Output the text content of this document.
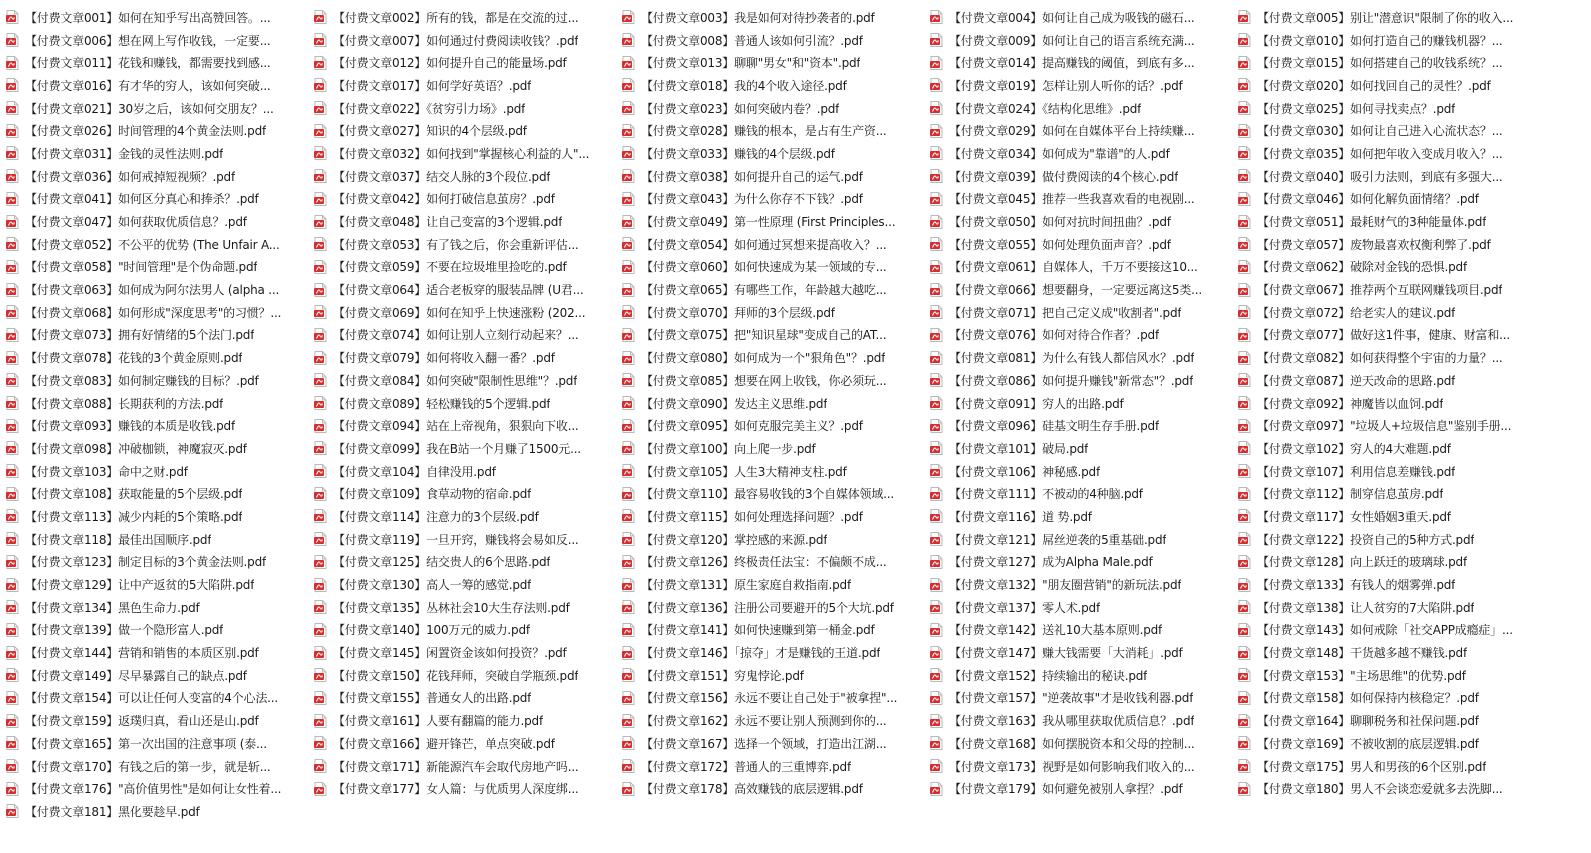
【付费文章001】如何在知乎写出高赞回答。...	【付费文章002】所有的钱，都是在交流的过...	【付费文章003】我是如何对待抄袭者的.pdf	【付费文章004】如何让自己成为吸钱的磁石...	【付费文章005】别让"潜意识"限制了你的收入...
【付费文章006】想在网上写作收钱，一定要...	【付费文章007】如何通过付费阅读收钱？.pdf	【付费文章008】普通人该如何引流？.pdf	【付费文章009】如何让自己的语言系统充满...	【付费文章010】如何打造自己的赚钱机器？...
【付费文章011】花钱和赚钱，都需要找到感...	【付费文章012】如何提升自己的能量场.pdf	【付费文章013】聊聊"男女"和"资本".pdf	【付费文章014】提高赚钱的阈值，到底有多...	【付费文章015】如何搭建自己的收钱系统？...
【付费文章016】有才华的穷人，该如何突破...	【付费文章017】如何学好英语？.pdf	【付费文章018】我的4个收入途径.pdf	【付费文章019】怎样让别人听你的话？.pdf	【付费文章020】如何找回自己的灵性？.pdf
【付费文章021】30岁之后，该如何交朋友？...	【付费文章022】《贫穷引力场》.pdf	【付费文章023】如何突破内卷？.pdf	【付费文章024】《结构化思维》.pdf	【付费文章025】如何寻找卖点？.pdf
【付费文章026】时间管理的4个黄金法则.pdf	【付费文章027】知识的4个层级.pdf	【付费文章028】赚钱的根本，是占有生产资...	【付费文章029】如何在自媒体平台上持续赚...	【付费文章030】如何让自己进入心流状态？...
【付费文章031】金钱的灵性法则.pdf	【付费文章032】如何找到"掌握核心利益的人"...	【付费文章033】赚钱的4个层级.pdf	【付费文章034】如何成为"靠谱"的人.pdf	【付费文章035】如何把年收入变成月收入？...
【付费文章036】如何戒掉短视频？.pdf	【付费文章037】结交人脉的3个段位.pdf	【付费文章038】如何提升自己的运气.pdf	【付费文章039】做付费阅读的4个核心.pdf	【付费文章040】吸引力法则，到底有多强大...
【付费文章041】如何区分真心和捧杀？.pdf	【付费文章042】如何打破信息茧房？.pdf	【付费文章043】为什么你存不下钱？.pdf	【付费文章045】推荐一些我喜欢看的电视剧...	【付费文章046】如何化解负面情绪？.pdf
【付费文章047】如何获取优质信息？.pdf	【付费文章048】让自己变富的3个逻辑.pdf	【付费文章049】第一性原理 (First Principles...	【付费文章050】如何对抗时间扭曲？.pdf	【付费文章051】最耗财气的3种能量体.pdf
【付费文章052】不公平的优势 (The Unfair A...	【付费文章053】有了钱之后，你会重新评估...	【付费文章054】如何通过冥想来提高收入？...	【付费文章055】如何处理负面声音？.pdf	【付费文章057】废物最喜欢权衡利弊了.pdf
【付费文章058】"时间管理"是个伪命题.pdf	【付费文章059】不要在垃圾堆里捡吃的.pdf	【付费文章060】如何快速成为某一领域的专...	【付费文章061】自媒体人，千万不要接这10...	【付费文章062】破除对金钱的恐惧.pdf
【付费文章063】如何成为阿尔法男人 (alpha ...	【付费文章064】适合老板穿的服装品牌 (U君...	【付费文章065】有哪些工作，年龄越大越吃...	【付费文章066】想要翻身，一定要远离这5类...	【付费文章067】推荐两个互联网赚钱项目.pdf
【付费文章068】如何形成"深度思考"的习惯？...	【付费文章069】如何在知乎上快速涨粉 (202...	【付费文章070】拜师的3个层级.pdf	【付费文章071】把自己定义成"收割者".pdf	【付费文章072】给老实人的建议.pdf
【付费文章073】拥有好情绪的5个法门.pdf	【付费文章074】如何让别人立刻行动起来？...	【付费文章075】把"知识星球"变成自己的AT...	【付费文章076】如何对待合作者？.pdf	【付费文章077】做好这1件事，健康、财富和...
【付费文章078】花钱的3个黄金原则.pdf	【付费文章079】如何将收入翻一番？.pdf	【付费文章080】如何成为一个"狠角色"？.pdf	【付费文章081】为什么有钱人都信风水？.pdf	【付费文章082】如何获得整个宇宙的力量？...
【付费文章083】如何制定赚钱的目标？.pdf	【付费文章084】如何突破"限制性思维"？.pdf	【付费文章085】想要在网上收钱，你必须玩...	【付费文章086】如何提升赚钱"新常态"？.pdf	【付费文章087】逆天改命的思路.pdf
【付费文章088】长期获利的方法.pdf	【付费文章089】轻松赚钱的5个逻辑.pdf	【付费文章090】发达主义思维.pdf	【付费文章091】穷人的出路.pdf	【付费文章092】神魔皆以血饲.pdf
【付费文章093】赚钱的本质是收钱.pdf	【付费文章094】站在上帝视角，狠狠向下收...	【付费文章095】如何克服完美主义？.pdf	【付费文章096】硅基文明生存手册.pdf	【付费文章097】"垃圾人+垃圾信息"鉴别手册...
【付费文章098】冲破枷锁，神魔寂灭.pdf	【付费文章099】我在B站一个月赚了1500元...	【付费文章100】向上爬一步.pdf	【付费文章101】破局.pdf	【付费文章102】穷人的4大难题.pdf
【付费文章103】命中之财.pdf	【付费文章104】自律没用.pdf	【付费文章105】人生3大精神支柱.pdf	【付费文章106】神秘感.pdf	【付费文章107】利用信息差赚钱.pdf
【付费文章108】获取能量的5个层级.pdf	【付费文章109】食草动物的宿命.pdf	【付费文章110】最容易收钱的3个自媒体领域...	【付费文章111】不被动的4种脑.pdf	【付费文章112】制穿信息茧房.pdf
【付费文章113】减少内耗的5个策略.pdf	【付费文章114】注意力的3个层级.pdf	【付费文章115】如何处理选择问题？.pdf	【付费文章116】道 势.pdf	【付费文章117】女性婚姻3重天.pdf
【付费文章118】最佳出国顺序.pdf	【付费文章119】一旦开窍，赚钱将会易如反...	【付费文章120】掌控感的来源.pdf	【付费文章121】屌丝逆袭的5重基础.pdf	【付费文章122】投资自己的5种方式.pdf
【付费文章123】制定目标的3个黄金法则.pdf	【付费文章125】结交贵人的6个思路.pdf	【付费文章126】终极责任法宝：不偏颇不成...	【付费文章127】成为Alpha Male.pdf	【付费文章128】向上跃迁的玻璃球.pdf
【付费文章129】让中产返贫的5大陷阱.pdf	【付费文章130】高人一筹的感觉.pdf	【付费文章131】原生家庭自救指南.pdf	【付费文章132】"朋友圈营销"的新玩法.pdf	【付费文章133】有钱人的烟雾弹.pdf
【付费文章134】黑色生命力.pdf	【付费文章135】丛林社会10大生存法则.pdf	【付费文章136】注册公司要避开的5个大坑.pdf	【付费文章137】零人术.pdf	【付费文章138】让人贫穷的7大陷阱.pdf
【付费文章139】做一个隐形富人.pdf	【付费文章140】100万元的威力.pdf	【付费文章141】如何快速赚到第一桶金.pdf	【付费文章142】送礼10大基本原则.pdf	【付费文章143】如何戒除「社交APP成瘾症」...
【付费文章144】营销和销售的本质区别.pdf	【付费文章145】闲置资金该如何投资？.pdf	【付费文章146】「掠夺」才是赚钱的王道.pdf	【付费文章147】赚大钱需要「大消耗」.pdf	【付费文章148】干货越多越不赚钱.pdf
【付费文章149】尽早暴露自己的缺点.pdf	【付费文章150】花钱拜师，突破自学瓶颈.pdf	【付费文章151】穷鬼悖论.pdf	【付费文章152】持续输出的秘诀.pdf	【付费文章153】"主场思维"的优势.pdf
【付费文章154】可以让任何人变富的4个心法...	【付费文章155】普通女人的出路.pdf	【付费文章156】永远不要让自己处于"被拿捏"...	【付费文章157】"逆袭故事"才是收钱利器.pdf	【付费文章158】如何保持内核稳定？.pdf
【付费文章159】返璞归真，看山还是山.pdf	【付费文章161】人要有翻篇的能力.pdf	【付费文章162】永远不要让别人预测到你的...	【付费文章163】我从哪里获取优质信息？.pdf	【付费文章164】聊聊税务和社保问题.pdf
【付费文章165】第一次出国的注意事项 (泰...	【付费文章166】避开锋芒，单点突破.pdf	【付费文章167】选择一个领域，打造出江湖...	【付费文章168】如何摆脱资本和父母的控制...	【付费文章169】不被收割的底层逻辑.pdf
【付费文章170】有钱之后的第一步，就是斩...	【付费文章171】新能源汽车会取代房地产吗...	【付费文章172】普通人的三重博弈.pdf	【付费文章173】视野是如何影响我们收入的...	【付费文章175】男人和男孩的6个区别.pdf
【付费文章176】"高价值男性"是如何让女性着...	【付费文章177】女人篇：与优质男人深度绑...	【付费文章178】高效赚钱的底层逻辑.pdf	【付费文章179】如何避免被别人拿捏？.pdf	【付费文章180】男人不会谈恋爱就多去洗脚...
【付费文章181】黑化要趁早.pdf
